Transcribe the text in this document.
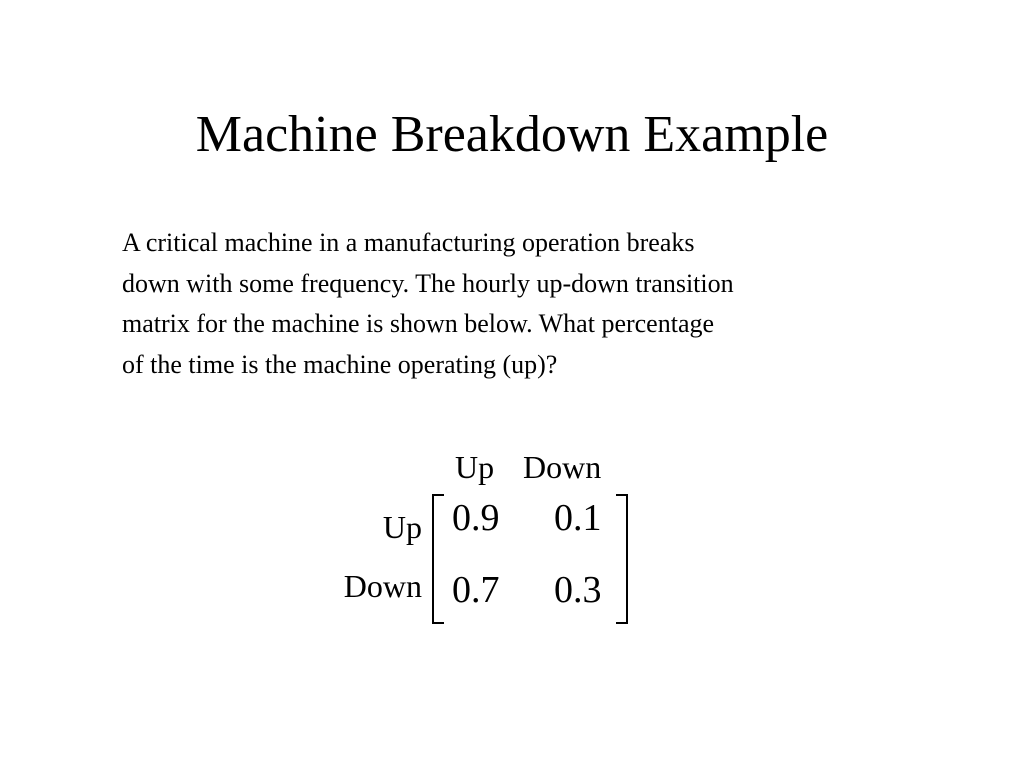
Machine Breakdown Example
A critical machine in a manufacturing operation breaks
down with some frequency. The hourly up-down transition
matrix for the machine is shown below. What percentage
of the time is the machine operating (up)?
Up Down
Up
Down
0.9 0.1
0.7 0.3
